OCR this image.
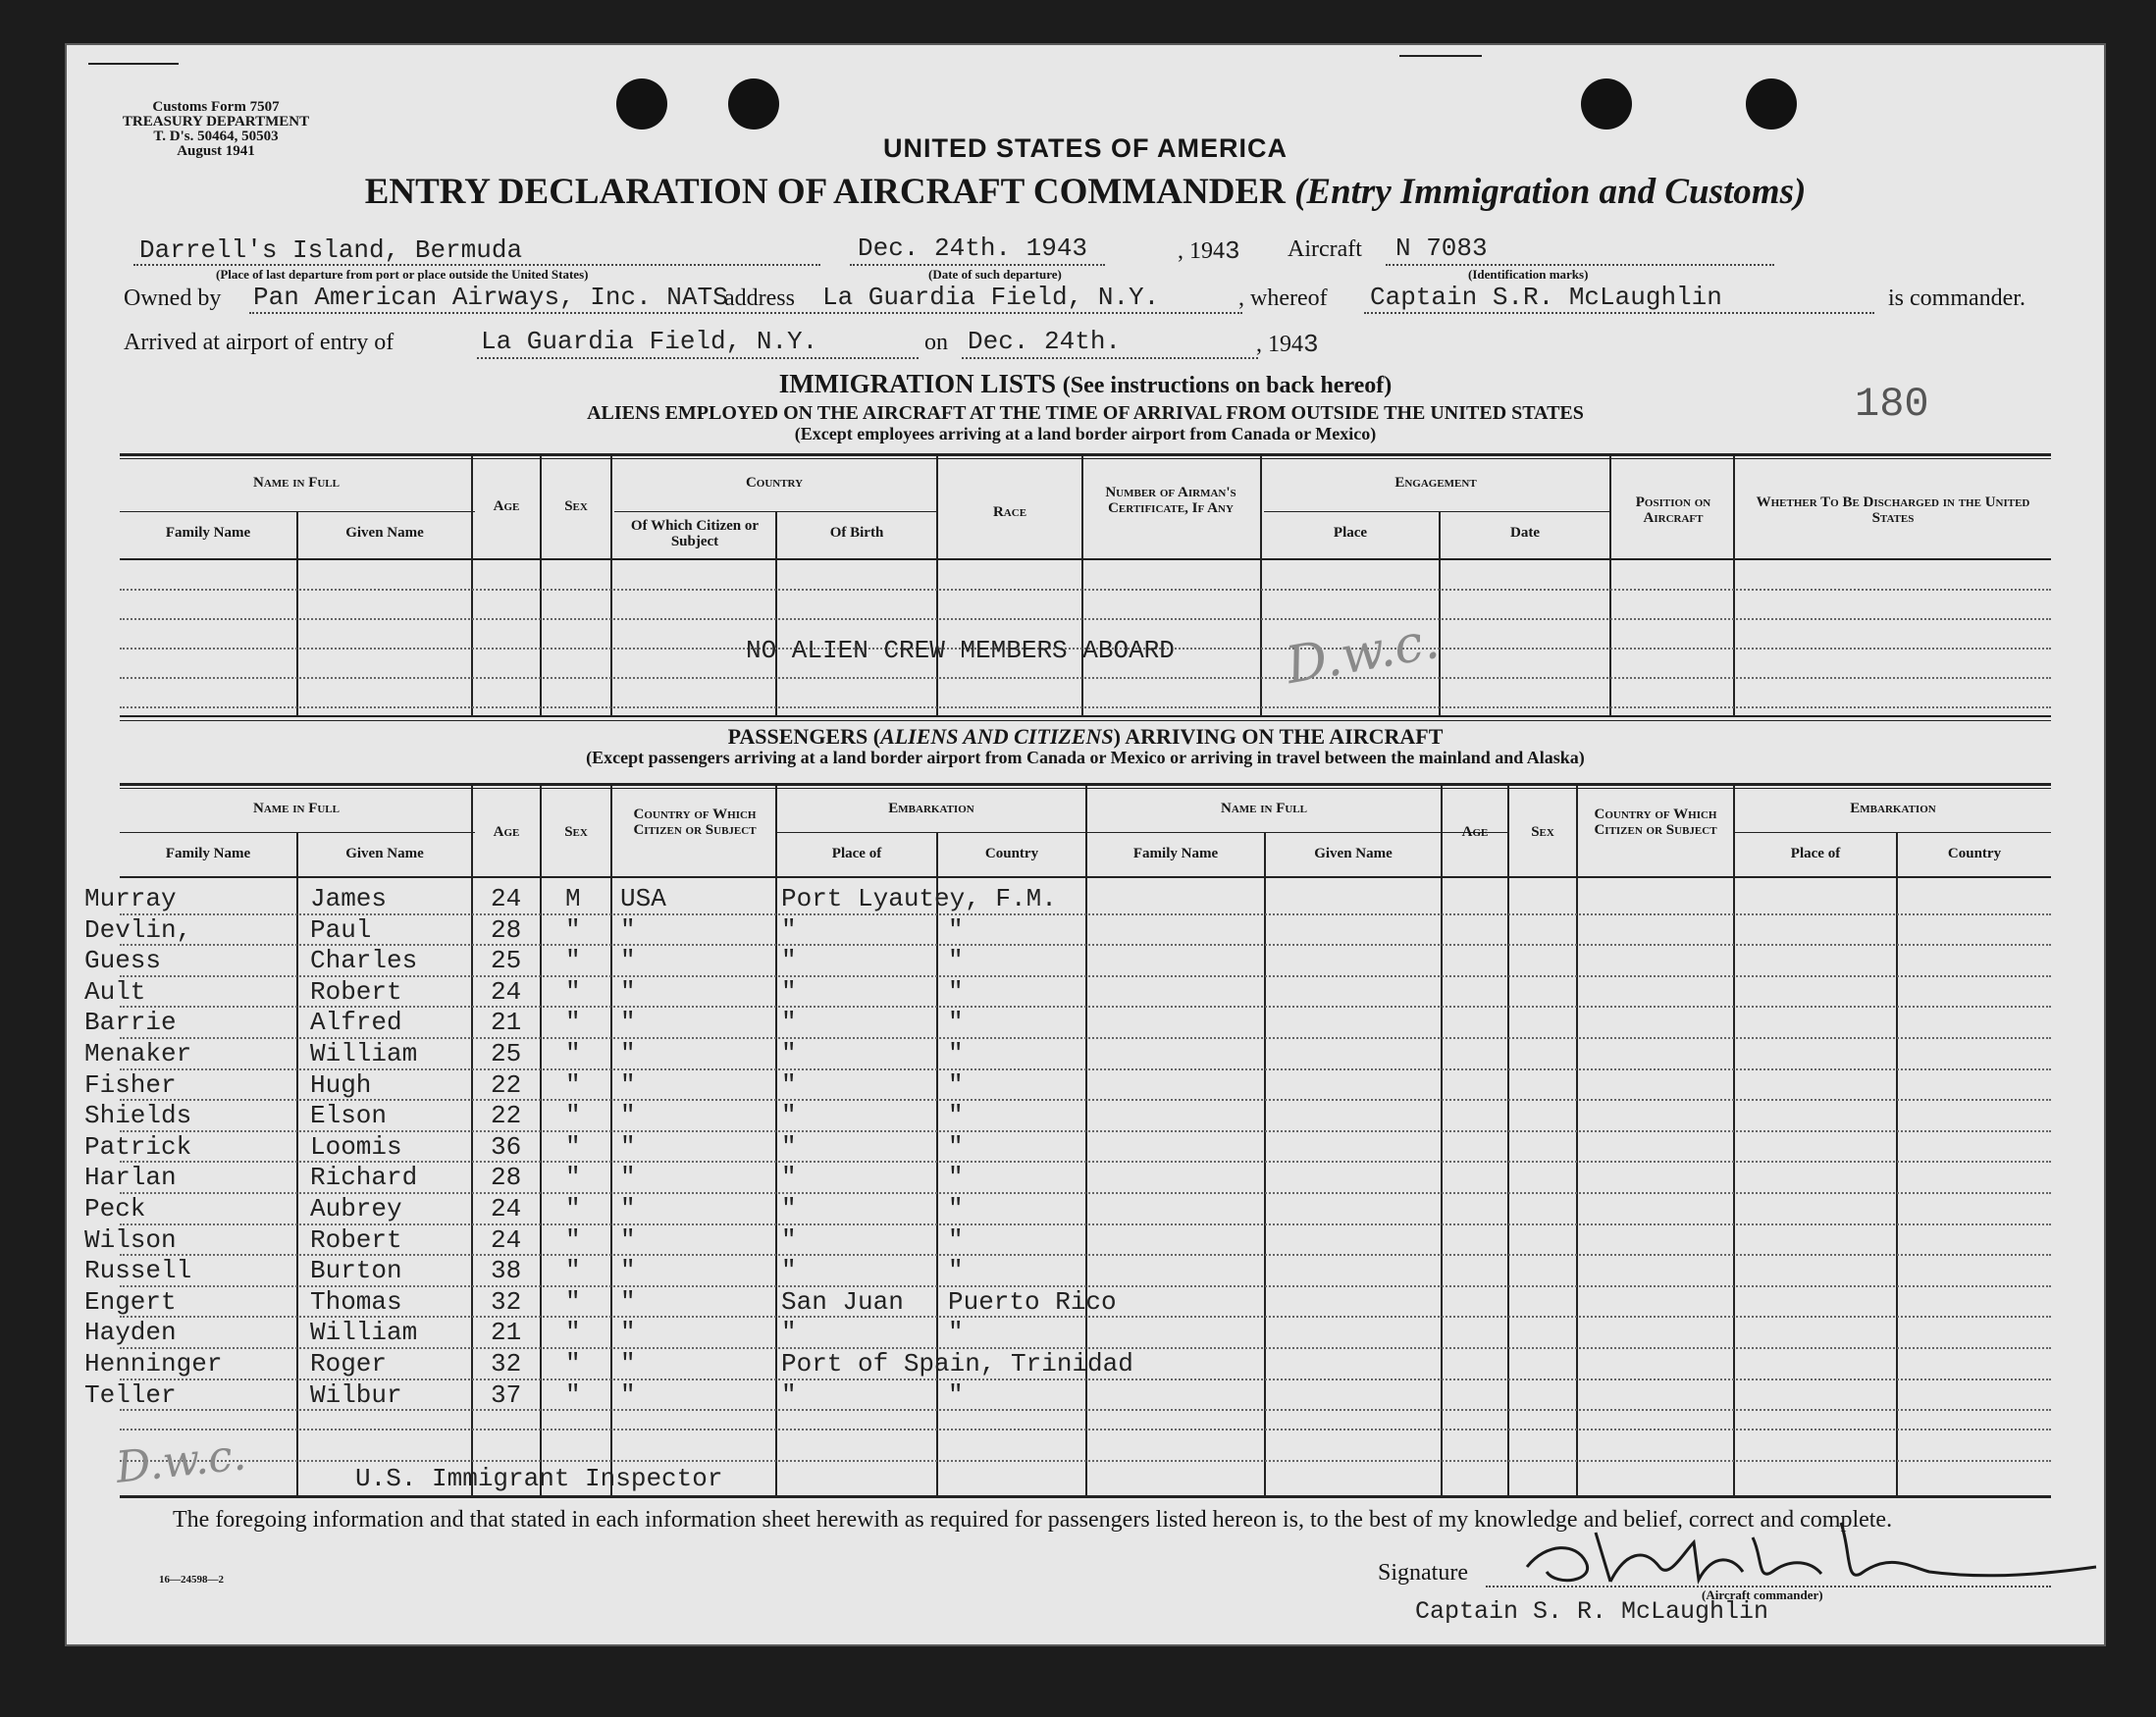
Customs Form 7507
TREASURY DEPARTMENT
T. D's. 50464, 50503
August 1941	UNITED STATES OF AMERICA
ENTRY DECLARATION OF AIRCRAFT COMMANDER (Entry Immigration and Customs)
Darrell's Island, Bermuda
(Place of last departure from port or place outside the United States)
Dec. 24th. 1943
(Date of such departure)
, 1943 Aircraft N 7083
(Identification marks)
Owned by Pan American Airways, Inc. NATS
address La Guardia Field, N.Y.	, whereof Captain S.R. McLaughlin	is commander.
Arrived at airport of entry of	La Guardia Field, N.Y.	on Dec. 24th.	, 1943
180
IMMIGRATION LISTS (See instructions on back hereof)
ALIENS EMPLOYED ON THE AIRCRAFT AT THE TIME OF ARRIVAL FROM OUTSIDE THE UNITED STATES
(Except employees arriving at a land border airport from Canada or Mexico)
Name in Full
Family Name	Given Name
Age	Sex
Country
Of Which Citizen or Subject
Of Birth
Race
Number of Airman's Certificate, If Any
Engagement
Place	Date
Position on Aircraft
Whether To Be Discharged in the United States
NO ALIEN CREW MEMBERS ABOARD D.w.c.
PASSENGERS (ALIENS AND CITIZENS) ARRIVING ON THE AIRCRAFT
(Except passengers arriving at a land border airport from Canada or Mexico or arriving in travel between the mainland and Alaska)
Name in Full
Family Name	Given Name
Age	Sex
Country of Which Citizen or Subject
Embarkation
Place of	Country
Name in Full
Family Name	Given Name
Age	Sex
Country of Which Citizen or Subject
Embarkation
Place of	Country
Murray	James	24 M USA	Port Lyautey, F.M.
Devlin,	Paul	28 " "	"	"
Guess	Charles	25 " "	"	"
Ault	Robert	24 " "	"	"
Barrie	Alfred	21 " "	"	"
Menaker	William	25 " "	"	"
Fisher	Hugh	22 " "	"	"
Shields	Elson	22 " "	"	"
Patrick	Loomis	36 " "	"	"
Harlan	Richard	28 " "	"	"
Peck	Aubrey	24 " "	"	"
Wilson	Robert	24 " "	"	"
Russell	Burton	38 " "	"	"
Engert	Thomas	32 " "	San Juan Puerto Rico
Hayden	William	21 " "	"	"
Henninger	Roger	32 " "	Port of Spain, Trinidad
Teller	Wilbur	37 " "	"	"
D.w.c.	U.S. Immigrant Inspector
The foregoing information and that stated in each information sheet herewith as required for passengers listed hereon is, to the best of my knowledge and belief, correct and complete.
16—24598—2	Signature
(Aircraft commander)
Captain S. R. McLaughlin
